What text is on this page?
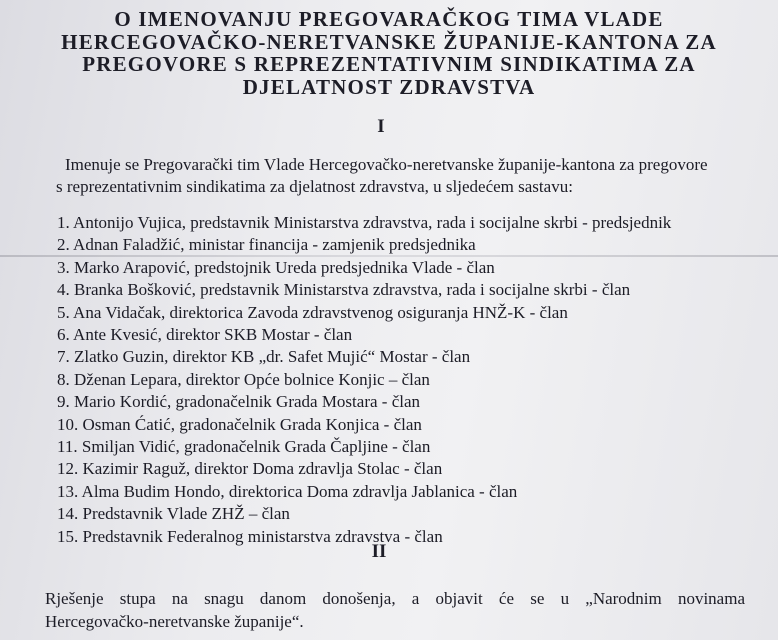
O IMENOVANJU PREGOVARAČKOG TIMA VLADE
HERCEGOVAČKO-NERETVANSKE ŽUPANIJE-KANTONA ZA
PREGOVORE S REPREZENTATIVNIM SINDIKATIMA ZA
DJELATNOST ZDRAVSTVA
I
Imenuje se Pregovarački tim Vlade Hercegovačko-neretvanske županije-kantona za pregovore
s reprezentativnim sindikatima za djelatnost zdravstva, u sljedećem sastavu:
1. Antonijo Vujica, predstavnik Ministarstva zdravstva, rada i socijalne skrbi - predsjednik
2. Adnan Faladžić, ministar financija - zamjenik predsjednika
3. Marko Arapović, predstojnik Ureda predsjednika Vlade - član
4. Branka Bošković, predstavnik Ministarstva zdravstva, rada i socijalne skrbi - član
5. Ana Vidačak, direktorica Zavoda zdravstvenog osiguranja HNŽ-K - član
6. Ante Kvesić, direktor SKB Mostar - član
7. Zlatko Guzin, direktor KB „dr. Safet Mujić“ Mostar - član
8. Dženan Lepara, direktor Opće bolnice Konjic – član
9. Mario Kordić, gradonačelnik Grada Mostara - član
10. Osman Ćatić, gradonačelnik Grada Konjica - član
11. Smiljan Vidić, gradonačelnik Grada Čapljine - član
12. Kazimir Raguž, direktor Doma zdravlja Stolac - član
13. Alma Budim Hondo, direktorica Doma zdravlja Jablanica - član
14. Predstavnik Vlade ZHŽ – član
15. Predstavnik Federalnog ministarstva zdravstva - član
II
Rješenje stupa na snagu danom donošenja, a objavit će se u „Narodnim novinama
Hercegovačko-neretvanske županije“.
